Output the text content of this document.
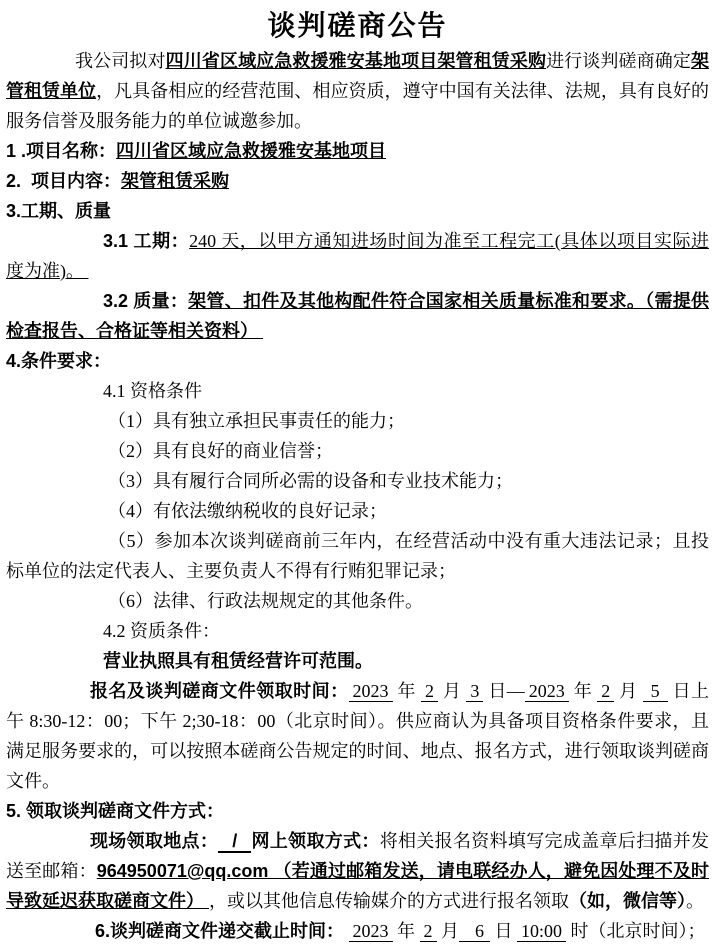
谈判磋商公告

我公司拟对四川省区域应急救援雅安基地项目架管租赁采购进行谈判磋商确定架管租赁单位，凡具备相应的经营范围、相应资质，遵守中国有关法律、法规，具有良好的服务信誉及服务能力的单位诚邀参加。

1 .项目名称：四川省区域应急救援雅安基地项目

2.  项目内容：架管租赁采购

3.工期、质量

3.1 工期：240 天，以甲方通知进场时间为准至工程完工(具体以项目实际进度为准)。

3.2 质量：架管、扣件及其他构配件符合国家相关质量标准和要求。（需提供检查报告、合格证等相关资料）

4.条件要求：

4.1 资格条件

（1）具有独立承担民事责任的能力；

（2）具有良好的商业信誉；

（3）具有履行合同所必需的设备和专业技术能力；

（4）有依法缴纳税收的良好记录；

（5）参加本次谈判磋商前三年内，在经营活动中没有重大违法记录；且投标单位的法定代表人、主要负责人不得有行贿犯罪记录；

（6）法律、行政法规规定的其他条件。

4.2 资质条件：

营业执照具有租赁经营许可范围。

报名及谈判磋商文件领取时间： 2023 年 2 月 3 日— 2023 年 2 月 5 日上午 8:30-12：00；下午 2;30-18：00（北京时间）。供应商认为具备项目资格条件要求，且满足服务要求的，可以按照本磋商公告规定的时间、地点、报名方式，进行领取谈判磋商文件。

5. 领取谈判磋商文件方式：

现场领取地点： / 网上领取方式：将相关报名资料填写完成盖章后扫描并发送至邮箱：964950071@qq.com （若通过邮箱发送，请电联经办人，避免因处理不及时导致延迟获取磋商文件） ，或以其他信息传输媒介的方式进行报名领取（如，微信等）。

6.谈判磋商文件递交截止时间： 2023 年 2 月 6 日 10:00 时（北京时间）；
